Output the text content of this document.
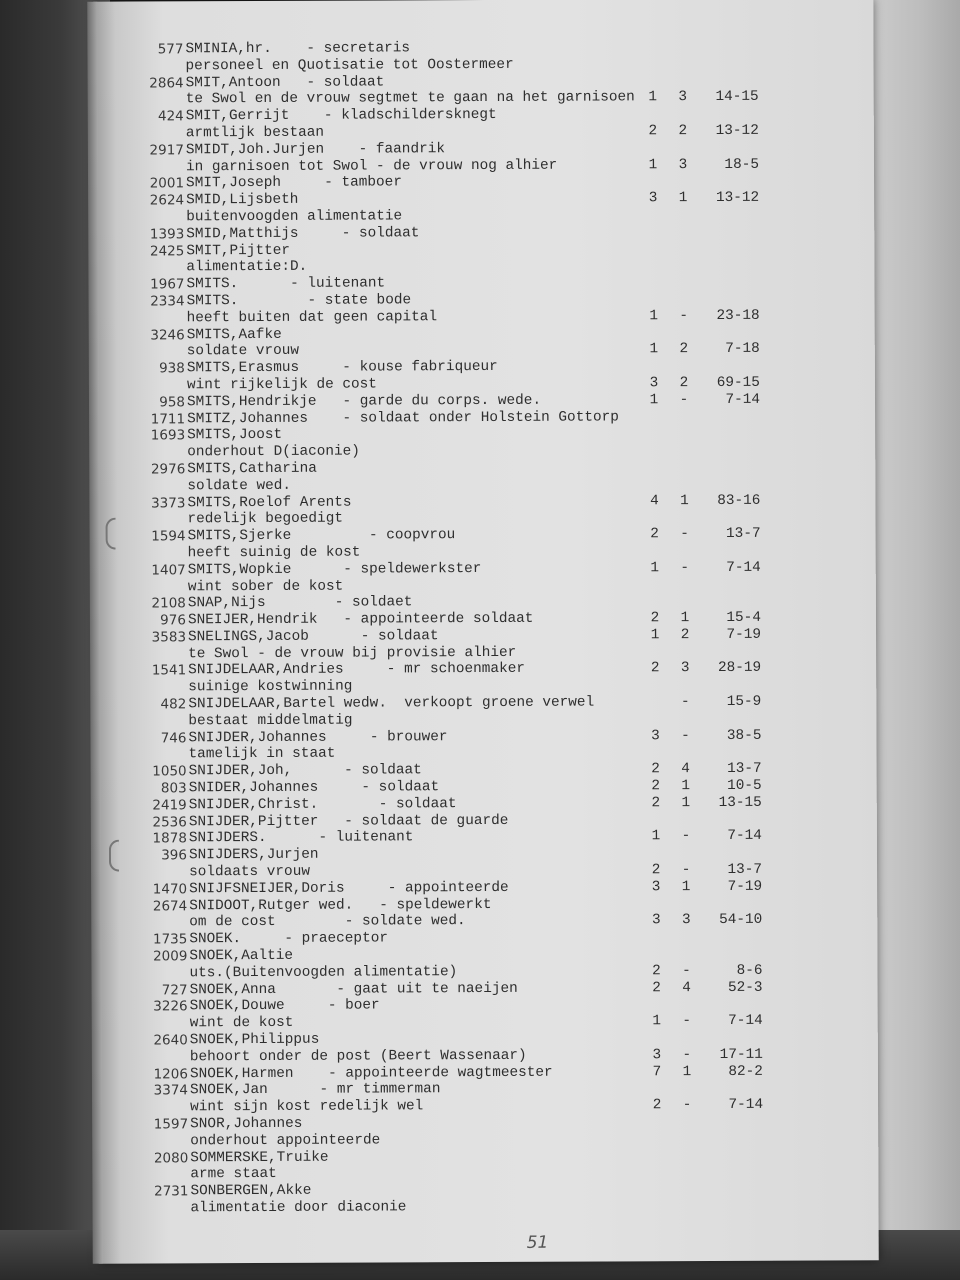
577 SMINIA,hr.    - secretaris
personeel en Quotisatie tot Oostermeer
2864 SMIT,Antoon   - soldaat
te Swol en de vrouw segtmet te gaan na het garnisoen 1 3	14-15
424 SMIT,Gerrijt    - kladschildersknegt
armtlijk bestaan	2 2	13-12
2917 SMIDT,Joh.Jurjen    - faandrik
in garnisoen tot Swol - de vrouw nog alhier	1 3	18-5
2001 SMIT,Joseph     - tamboer
2624 SMID,Lijsbeth	3 1	13-12
buitenvoogden alimentatie
1393 SMID,Matthijs     - soldaat
2425 SMIT,Pijtter
alimentatie:D.
1967 SMITS.      - luitenant
2334 SMITS.        - state bode
heeft buiten dat geen capital	1 -	23-18
3246 SMITS,Aafke
soldate vrouw	1 2	7-18
938 SMITS,Erasmus     - kouse fabriqueur
wint rijkelijk de cost	3 2	69-15
958 SMITS,Hendrikje   - garde du corps. wede.	1 -	7-14
1711 SMITZ,Johannes    - soldaat onder Holstein Gottorp
1693 SMITS,Joost
onderhout D(iaconie)
2976 SMITS,Catharina
soldate wed.
3373 SMITS,Roelof Arents	4 1	83-16
redelijk begoedigt
1594 SMITS,Sjerke         - coopvrou	2 -	13-7
heeft suinig de kost
1407 SMITS,Wopkie      - speldewerkster	1 -	7-14
wint sober de kost
2108 SNAP,Nijs        - soldaet
976 SNEIJER,Hendrik   - appointeerde soldaat	2 1	15-4
3583 SNELINGS,Jacob      - soldaat	1 2	7-19
te Swol - de vrouw bij provisie alhier
1541 SNIJDELAAR,Andries     - mr schoenmaker	2 3	28-19
suinige kostwinning
482 SNIJDELAAR,Bartel wedw.  verkoopt groene verwel	-	15-9
bestaat middelmatig
746 SNIJDER,Johannes     - brouwer	3 -	38-5
tamelijk in staat
1050 SNIJDER,Joh,      - soldaat	2 4	13-7
803 SNIDER,Johannes     - soldaat	2 1	10-5
2419 SNIJDER,Christ.       - soldaat	2 1	13-15
2536 SNIJDER,Pijtter   - soldaat de guarde
1878 SNIJDERS.      - luitenant	1 -	7-14
396 SNIJDERS,Jurjen
soldaats vrouw	2 -	13-7
1470 SNIJFSNEIJER,Doris     - appointeerde	3 1	7-19
2674 SNIDOOT,Rutger wed.   - speldewerkt
om de cost        - soldate wed.	3 3	54-10
1735 SNOEK.     - praeceptor
2009 SNOEK,Aaltie
uts.(Buitenvoogden alimentatie)	2 -	8-6
727 SNOEK,Anna       - gaat uit te naeijen	2 4	52-3
3226 SNOEK,Douwe     - boer
wint de kost	1 -	7-14
2640 SNOEK,Philippus
behoort onder de post (Beert Wassenaar)	3 -	17-11
1206 SNOEK,Harmen    - appointeerde wagtmeester	7 1	82-2
3374 SNOEK,Jan      - mr timmerman
wint sijn kost redelijk wel	2 -	7-14
1597 SNOR,Johannes
onderhout appointeerde
2080 SOMMERSKE,Truike
arme staat
2731 SONBERGEN,Akke
alimentatie door diaconie
51
